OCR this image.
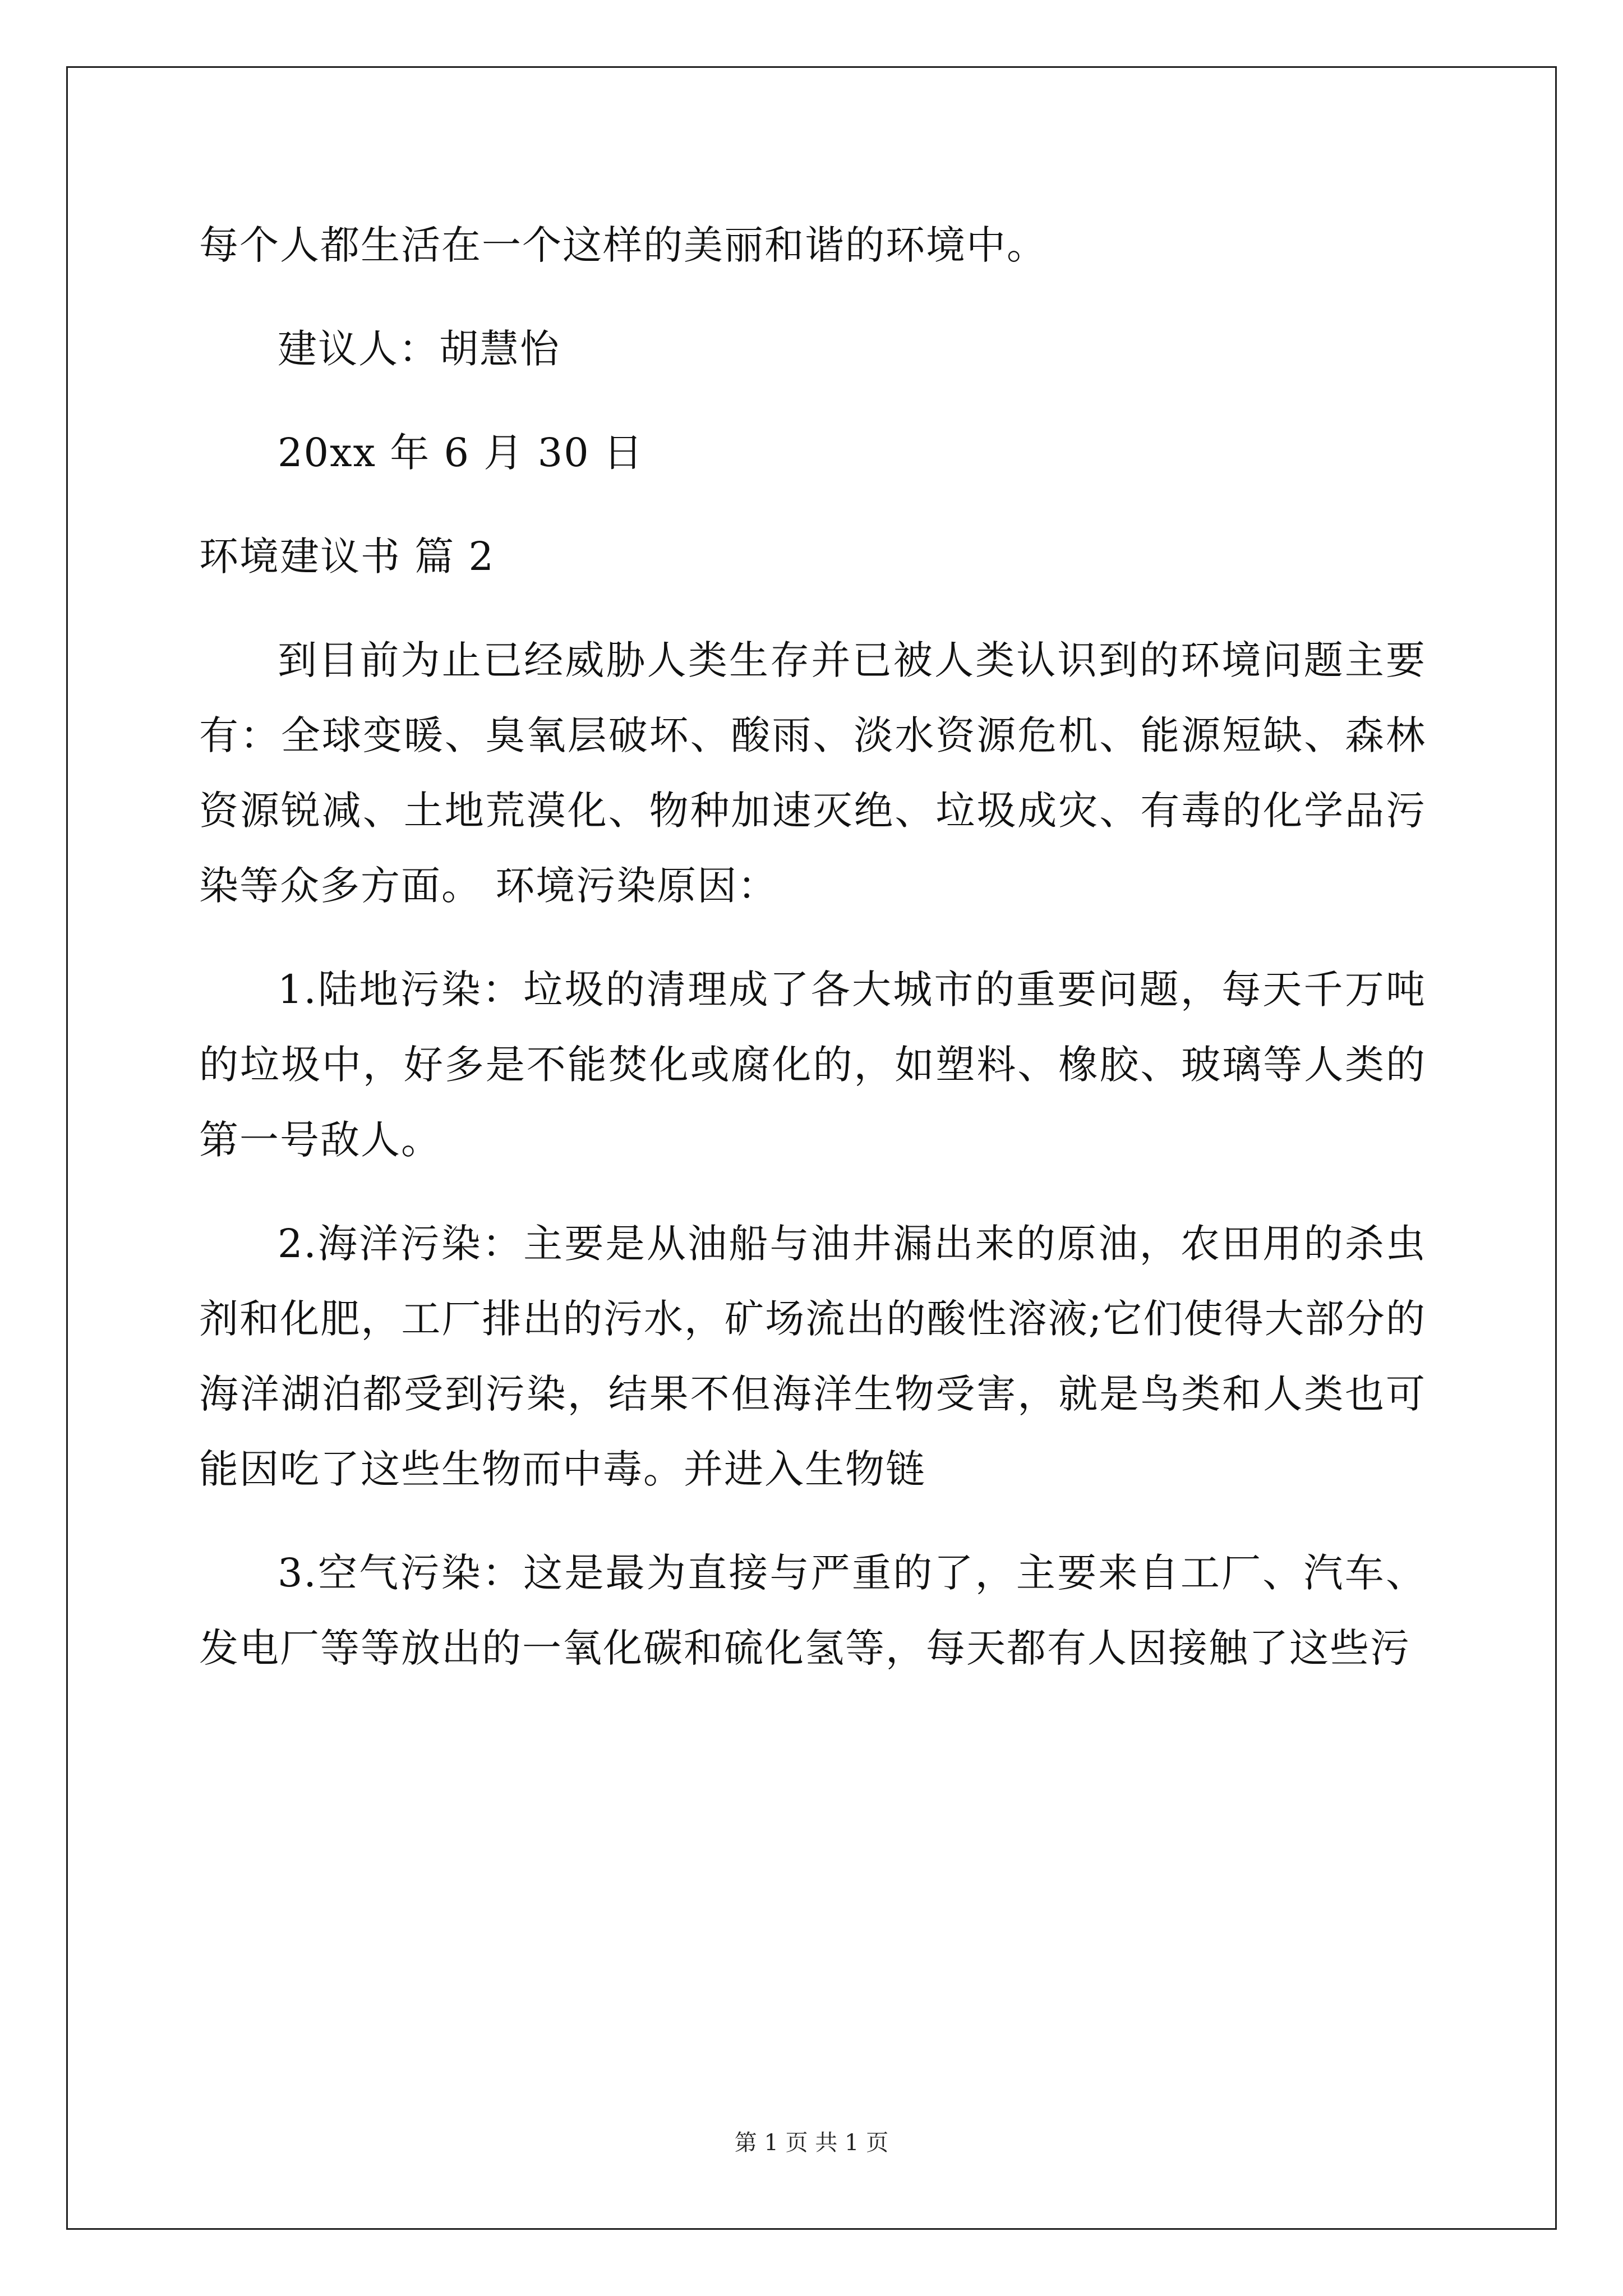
每个人都生活在一个这样的美丽和谐的环境中。
建议人：胡慧怡
20xx 年 6 月 30 日
环境建议书 篇 2
到目前为止已经威胁人类生存并已被人类认识到的环境问题主要
有：全球变暖、臭氧层破坏、酸雨、淡水资源危机、能源短缺、森林
资源锐减、土地荒漠化、物种加速灭绝、垃圾成灾、有毒的化学品污
染等众多方面。 环境污染原因：
1.陆地污染：垃圾的清理成了各大城市的重要问题，每天千万吨
的垃圾中，好多是不能焚化或腐化的，如塑料、橡胶、玻璃等人类的
第一号敌人。
2.海洋污染：主要是从油船与油井漏出来的原油，农田用的杀虫
剂和化肥，工厂排出的污水，矿场流出的酸性溶液;它们使得大部分的
海洋湖泊都受到污染，结果不但海洋生物受害，就是鸟类和人类也可
能因吃了这些生物而中毒。并进入生物链
3.空气污染：这是最为直接与严重的了，主要来自工厂、汽车、
发电厂等等放出的一氧化碳和硫化氢等，每天都有人因接触了这些污
第 1 页 共 1 页
